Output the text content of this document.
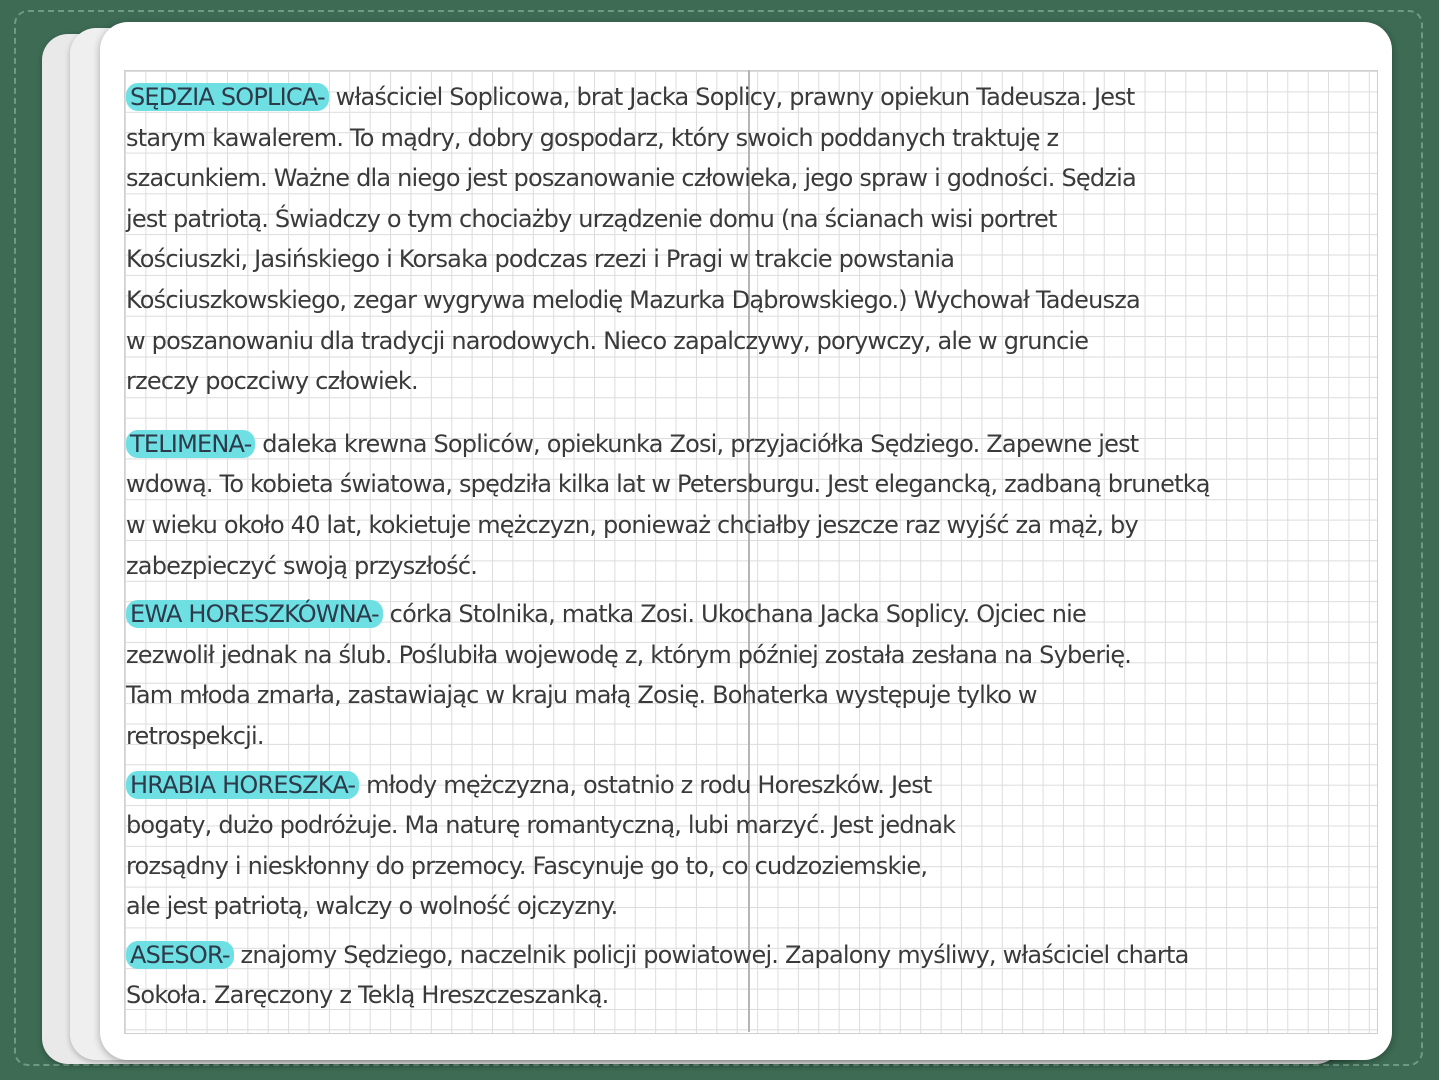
SĘDZIA SOPLICA- właściciel Soplicowa, brat Jacka Soplicy, prawny opiekun Tadeusza. Jest starym kawalerem. To mądry, dobry gospodarz, który swoich poddanych traktuję z szacunkiem. Ważne dla niego jest poszanowanie człowieka, jego spraw i godności. Sędzia jest patriotą. Świadczy o tym chociażby urządzenie domu (na ścianach wisi portret Kościuszki, Jasińskiego i Korsaka podczas rzezi i Pragi w trakcie powstania Kościuszkowskiego, zegar wygrywa melodię Mazurka Dąbrowskiego.) Wychował Tadeusza w poszanowaniu dla tradycji narodowych. Nieco zapalczywy, porywczy, ale w gruncie rzeczy poczciwy człowiek.

TELIMENA- daleka krewna Sopliców, opiekunka Zosi, przyjaciółka Sędziego. Zapewne jest wdową. To kobieta światowa, spędziła kilka lat w Petersburgu. Jest elegancką, zadbaną brunetką w wieku około 40 lat, kokietuje mężczyzn, ponieważ chciałby jeszcze raz wyjść za mąż, by zabezpieczyć swoją przyszłość.

EWA HORESZKÓWNA- córka Stolnika, matka Zosi. Ukochana Jacka Soplicy. Ojciec nie zezwolił jednak na ślub. Poślubiła wojewodę z, którym później została zesłana na Syberię. Tam młoda zmarła, zastawiając w kraju małą Zosię. Bohaterka występuje tylko w retrospekcji.

HRABIA HORESZKA- młody mężczyzna, ostatnio z rodu Horeszków. Jest bogaty, dużo podróżuje. Ma naturę romantyczną, lubi marzyć. Jest jednak rozsądny i nieskłonny do przemocy. Fascynuje go to, co cudzoziemskie, ale jest patriotą, walczy o wolność ojczyzny.

ASESOR- znajomy Sędziego, naczelnik policji powiatowej. Zapalony myśliwy, właściciel charta Sokoła. Zaręczony z Teklą Hreszczeszanką.
